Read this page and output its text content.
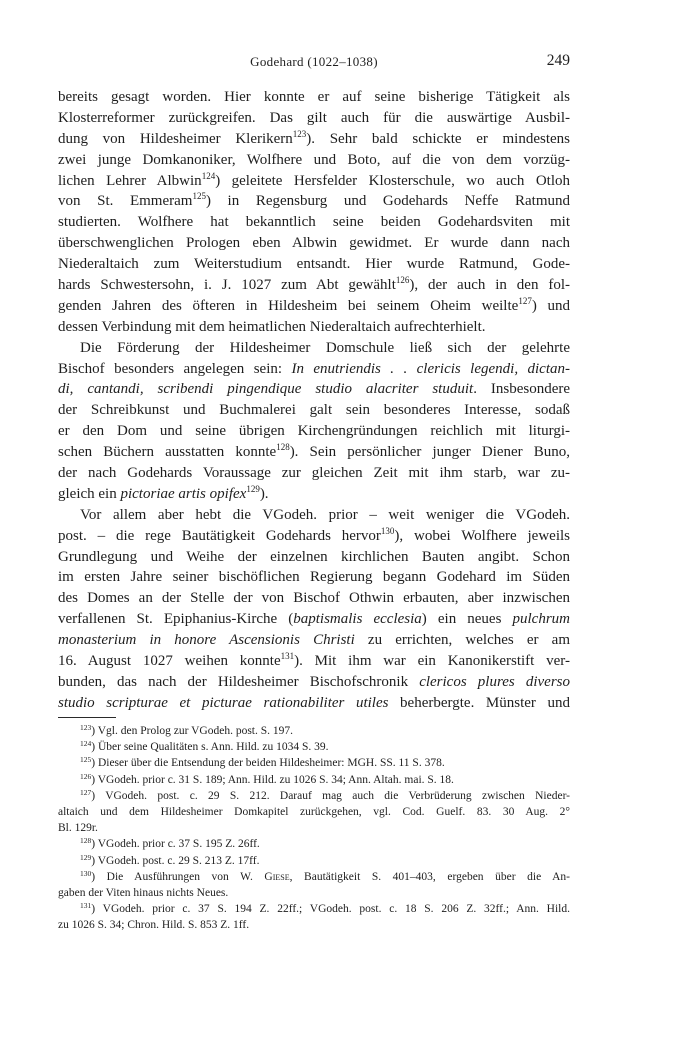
Godehard (1022–1038)	249
bereits gesagt worden. Hier konnte er auf seine bisherige Tätigkeit als
Klosterreformer zurückgreifen. Das gilt auch für die auswärtige Ausbil-
dung von Hildesheimer Klerikern$^{123}$). Sehr bald schickte er mindestens
zwei junge Domkanoniker, Wolfhere und Boto, auf die von dem vorzüg-
lichen Lehrer Albwin$^{124}$) geleitete Hersfelder Klosterschule, wo auch Otloh
von St. Emmeram$^{125}$) in Regensburg und Godehards Neffe Ratmund
studierten. Wolfhere hat bekanntlich seine beiden Godehardsviten mit
überschwenglichen Prologen eben Albwin gewidmet. Er wurde dann nach
Niederaltaich zum Weiterstudium entsandt. Hier wurde Ratmund, Gode-
hards Schwestersohn, i. J. 1027 zum Abt gewählt$^{126}$), der auch in den fol-
genden Jahren des öfteren in Hildesheim bei seinem Oheim weilte$^{127}$) und
dessen Verbindung mit dem heimatlichen Niederaltaich aufrechterhielt.
Die Förderung der Hildesheimer Domschule ließ sich der gelehrte
Bischof besonders angelegen sein: In enutriendis . . clericis legendi, dictan-
di, cantandi, scribendi pingendique studio alacriter studuit. Insbesondere
der Schreibkunst und Buchmalerei galt sein besonderes Interesse, sodaß
er den Dom und seine übrigen Kirchengründungen reichlich mit liturgi-
schen Büchern ausstatten konnte$^{128}$). Sein persönlicher junger Diener Buno,
der nach Godehards Voraussage zur gleichen Zeit mit ihm starb, war zu-
gleich ein pictoriae artis opifex$^{129}$).
Vor allem aber hebt die VGodeh. prior – weit weniger die VGodeh.
post. – die rege Bautätigkeit Godehards hervor$^{130}$), wobei Wolfhere jeweils
Grundlegung und Weihe der einzelnen kirchlichen Bauten angibt. Schon
im ersten Jahre seiner bischöflichen Regierung begann Godehard im Süden
des Domes an der Stelle der von Bischof Othwin erbauten, aber inzwischen
verfallenen St. Epiphanius-Kirche (baptismalis ecclesia) ein neues pulchrum
monasterium in honore Ascensionis Christi zu errichten, welches er am
16. August 1027 weihen konnte$^{131}$). Mit ihm war ein Kanonikerstift ver-
bunden, das nach der Hildesheimer Bischofschronik clericos plures diverso
studio scripturae et picturae rationabiliter utiles beherbergte. Münster und
$^{123}$) Vgl. den Prolog zur VGodeh. post. S. 197.
$^{124}$) Über seine Qualitäten s. Ann. Hild. zu 1034 S. 39.
$^{125}$) Dieser über die Entsendung der beiden Hildesheimer: MGH. SS. 11 S. 378.
$^{126}$) VGodeh. prior c. 31 S. 189; Ann. Hild. zu 1026 S. 34; Ann. Altah. mai. S. 18.
$^{127}$) VGodeh. post. c. 29 S. 212. Darauf mag auch die Verbrüderung zwischen Nieder-
altaich und dem Hildesheimer Domkapitel zurückgehen, vgl. Cod. Guelf. 83. 30 Aug. 2°
Bl. 129r.
$^{128}$) VGodeh. prior c. 37 S. 195 Z. 26ff.
$^{129}$) VGodeh. post. c. 29 S. 213 Z. 17ff.
$^{130}$) Die Ausführungen von W. Giese, Bautätigkeit S. 401–403, ergeben über die An-
gaben der Viten hinaus nichts Neues.
$^{131}$) VGodeh. prior c. 37 S. 194 Z. 22ff.; VGodeh. post. c. 18 S. 206 Z. 32ff.; Ann. Hild.
zu 1026 S. 34; Chron. Hild. S. 853 Z. 1ff.
